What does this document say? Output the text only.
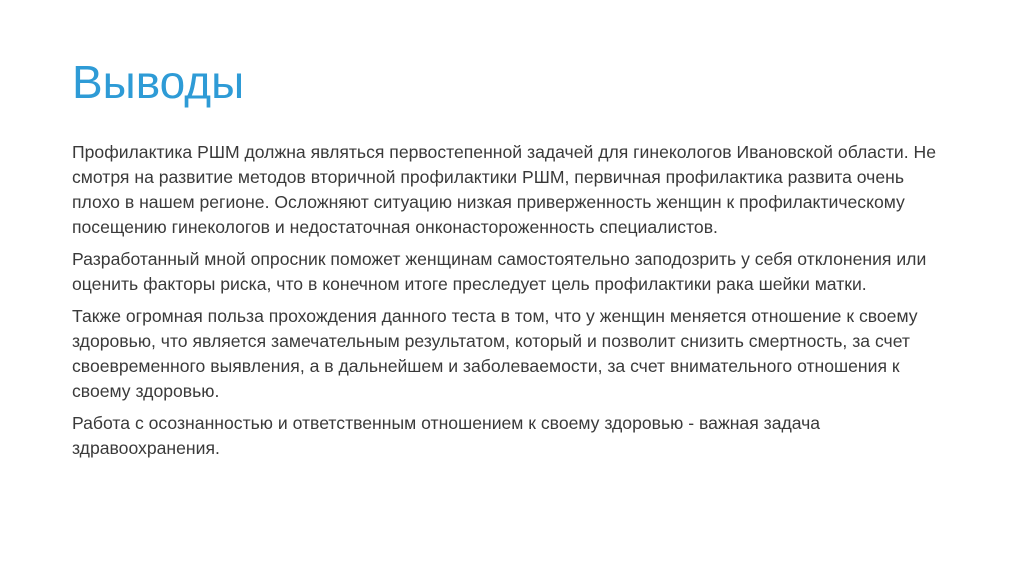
Выводы

Профилактика РШМ должна являться первостепенной задачей для гинекологов Ивановской области. Не смотря на развитие методов вторичной профилактики РШМ, первичная профилактика развита очень плохо в нашем регионе. Осложняют ситуацию низкая приверженность женщин к профилактическому посещению гинекологов и недостаточная онконастороженность специалистов.

Разработанный мной опросник поможет женщинам самостоятельно заподозрить у себя отклонения или оценить факторы риска, что в конечном итоге преследует цель профилактики рака шейки матки.

Также огромная польза прохождения данного теста в том, что у женщин меняется отношение к своему здоровью, что является замечательным результатом, который и позволит снизить смертность, за счет своевременного выявления, а в дальнейшем и заболеваемости, за счет внимательного отношения к своему здоровью.

Работа с осознанностью и ответственным отношением к своему здоровью - важная задача здравоохранения.
